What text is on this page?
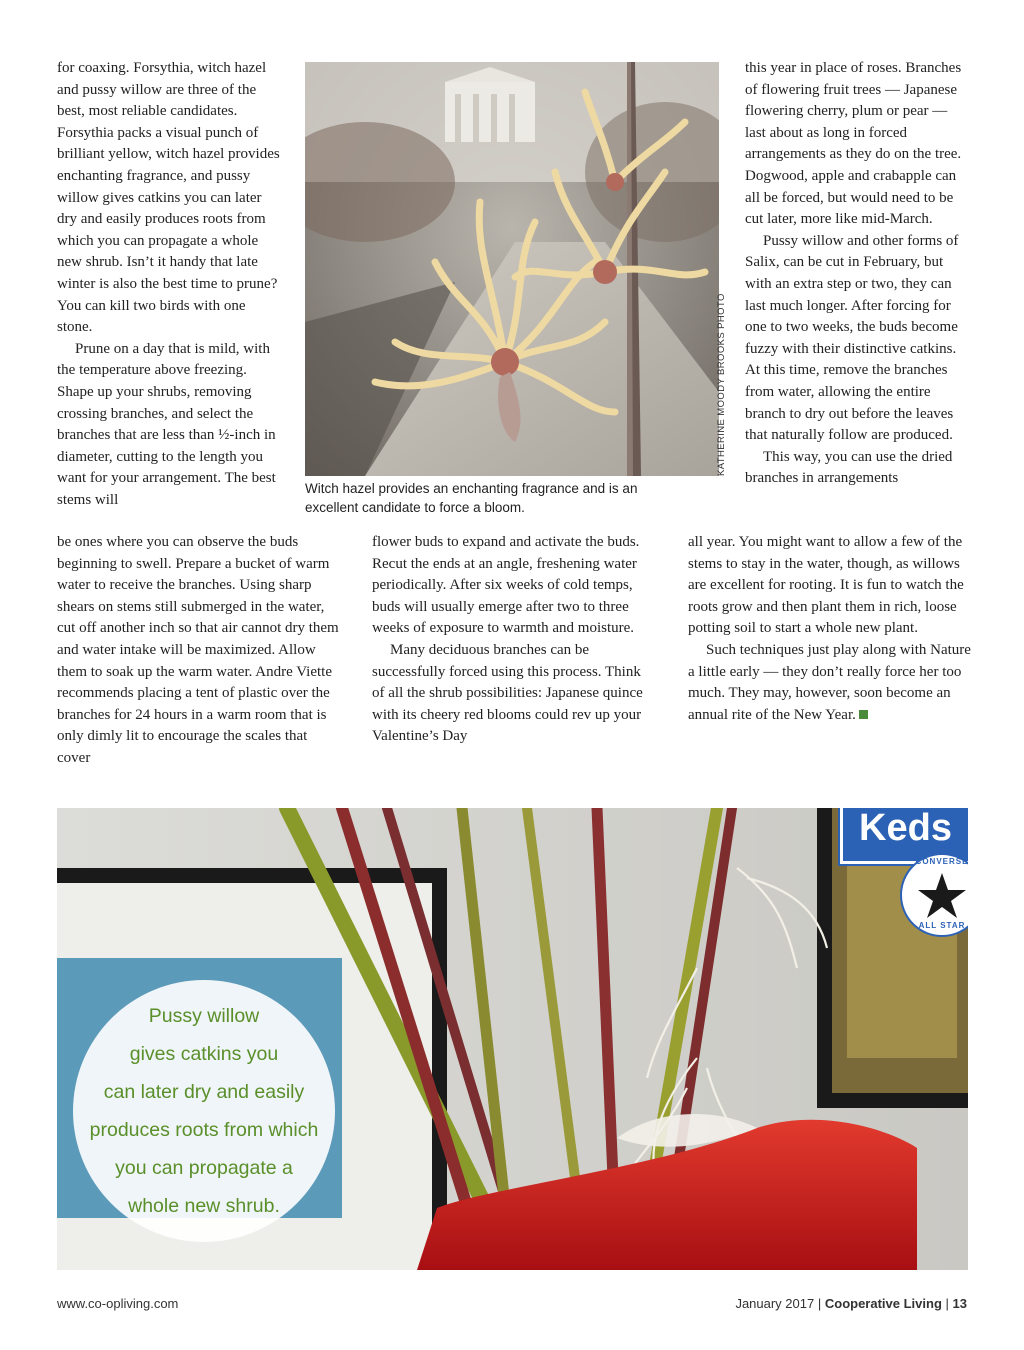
for coaxing. Forsythia, witch hazel and pussy willow are three of the best, most reliable candidates. Forsythia packs a visual punch of brilliant yellow, witch hazel provides enchanting fragrance, and pussy willow gives catkins you can later dry and easily produces roots from which you can propagate a whole new shrub. Isn’t it handy that late winter is also the best time to prune? You can kill two birds with one stone.

Prune on a day that is mild, with the temperature above freezing. Shape up your shrubs, removing crossing branches, and select the branches that are less than ½-inch in diameter, cutting to the length you want for your arrangement. The best stems will

be ones where you can observe the buds beginning to swell. Prepare a bucket of warm water to receive the branches. Using sharp shears on stems still submerged in the water, cut off another inch so that air cannot dry them and water intake will be maximized. Allow them to soak up the warm water. Andre Viette recommends placing a tent of plastic over the branches for 24 hours in a warm room that is only dimly lit to encourage the scales that cover

flower buds to expand and activate the buds. Recut the ends at an angle, freshening water periodically. After six weeks of cold temps, buds will usually emerge after two to three weeks of exposure to warmth and moisture.

Many deciduous branches can be successfully forced using this process. Think of all the shrub possibilities: Japanese quince with its cheery red blooms could rev up your Valentine’s Day

this year in place of roses. Branches of flowering fruit trees — Japanese flowering cherry, plum or pear — last about as long in forced arrangements as they do on the tree. Dogwood, apple and crabapple can all be forced, but would need to be cut later, more like mid-March.

Pussy willow and other forms of Salix, can be cut in February, but with an extra step or two, they can last much longer. After forcing for one to two weeks, the buds become fuzzy with their distinctive catkins. At this time, remove the branches from water, allowing the entire branch to dry out before the leaves that naturally follow are produced.

This way, you can use the dried branches in arrangements

all year. You might want to allow a few of the stems to stay in the water, though, as willows are excellent for rooting. It is fun to watch the roots grow and then plant them in rich, loose potting soil to start a whole new plant.

Such techniques just play along with Nature a little early — they don’t really force her too much. They may, however, soon become an annual rite of the New Year.

KATHERINE MOODY BROOKS PHOTO
Witch hazel provides an enchanting fragrance and is an excellent candidate to force a bloom.
Keds
CONVERSE
ALL STAR
Pussy willow
gives catkins you
can later dry and easily
produces roots from which
you can propagate a
whole new shrub.
www.co-opliving.com	January 2017 | Cooperative Living | 13
